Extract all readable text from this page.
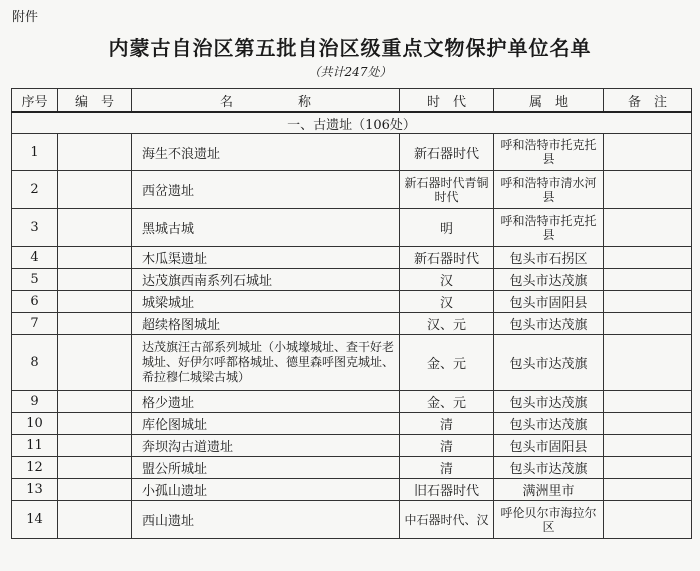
附件
内蒙古自治区第五批自治区级重点文物保护单位名单
（共计247处）
序号	编　号	名　　　　　称	时　代	属　地	备　注
一、古遗址（106处）					
1		海生不浪遗址	新石器时代	呼和浩特市托克托县	
2		西岔遗址	新石器时代青铜时代	呼和浩特市清水河县	
3		黑城古城	明	呼和浩特市托克托县	
4		木瓜渠遗址	新石器时代	包头市石拐区	
5		达茂旗西南系列石城址	汉	包头市达茂旗	
6		城梁城址	汉	包头市固阳县	
7		超续格图城址	汉、元	包头市达茂旗	
8		达茂旗汪古部系列城址（小城壕城址、查干好老城址、好伊尔呼都格城址、德里森呼图克城址、希拉穆仁城梁古城）	金、元	包头市达茂旗	
9		格少遗址	金、元	包头市达茂旗	
10		库伦图城址	清	包头市达茂旗	
11		奔坝沟古道遗址	清	包头市固阳县	
12		盟公所城址	清	包头市达茂旗	
13		小孤山遗址	旧石器时代	满洲里市	
14		西山遗址	中石器时代、汉	呼伦贝尔市海拉尔区	
